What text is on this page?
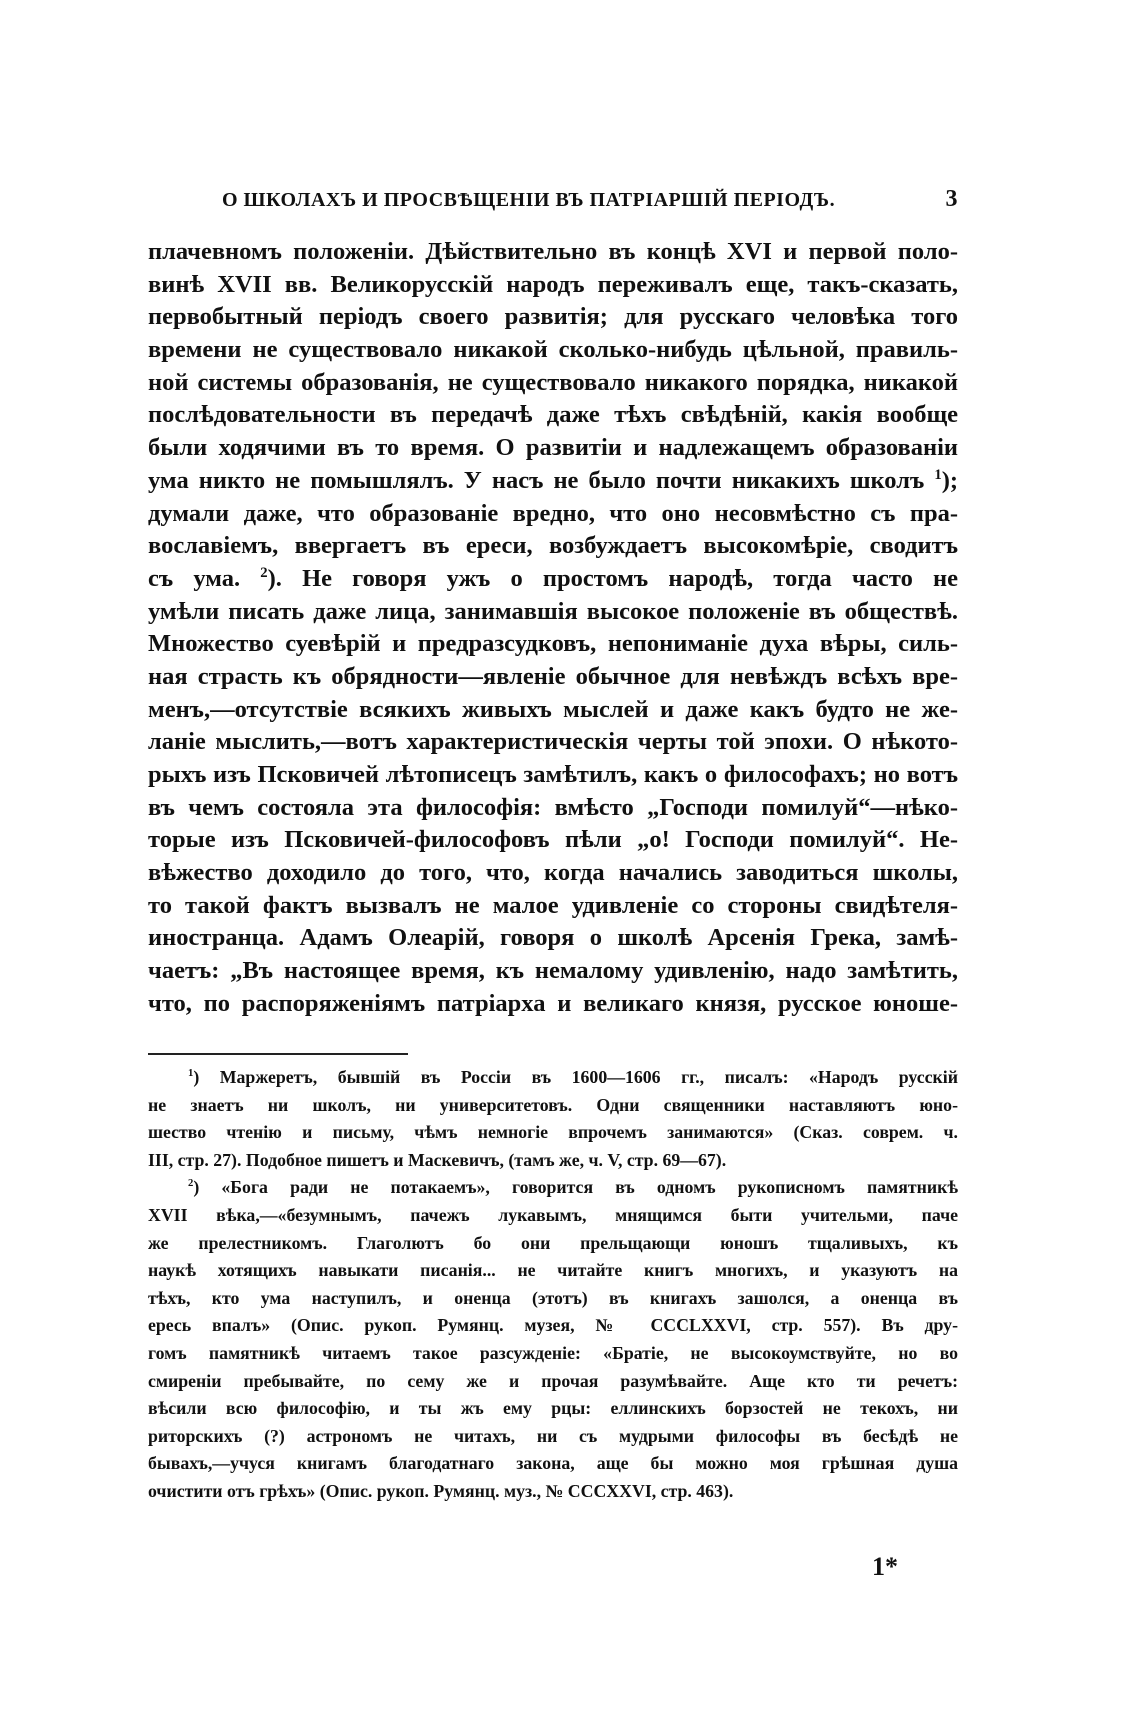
О ШКОЛАХЪ И ПРОСВѢЩЕНІИ ВЪ ПАТРІАРШІЙ ПЕРІОДЪ.	3
плачевномъ положеніи. Дѣйствительно въ концѣ XVI и первой поло-
винѣ XVII вв. Великорусскій народъ переживалъ еще, такъ-сказать,
первобытный періодъ своего развитія; для русскаго человѣка того
времени не существовало никакой сколько-нибудь цѣльной, правиль-
ной системы образованія, не существовало никакого порядка, никакой
послѣдовательности въ передачѣ даже тѣхъ свѣдѣній, какія вообще
были ходячими въ то время. О развитіи и надлежащемъ образованіи
ума никто не помышлялъ. У насъ не было почти никакихъ школъ $^1$);
думали даже, что образованіе вредно, что оно несовмѣстно съ пра-
вославіемъ, ввергаетъ въ ереси, возбуждаетъ высокомѣріе, сводитъ
съ ума. $^2$). Не говоря ужъ о простомъ народѣ, тогда часто не
умѣли писать даже лица, занимавшія высокое положеніе въ обществѣ.
Множество суевѣрій и предразсудковъ, непониманіе духа вѣры, силь-
ная страсть къ обрядности—явленіе обычное для невѣждъ всѣхъ вре-
менъ,—отсутствіе всякихъ живыхъ мыслей и даже какъ будто не же-
ланіе мыслить,—вотъ характеристическія черты той эпохи. О нѣкото-
рыхъ изъ Псковичей лѣтописецъ замѣтилъ, какъ о философахъ; но вотъ
въ чемъ состояла эта философія: вмѣсто „Господи помилуй“—нѣко-
торые изъ Псковичей-философовъ пѣли „о! Господи помилуй“. Не-
вѣжество доходило до того, что, когда начались заводиться школы,
то такой фактъ вызвалъ не малое удивленіе со стороны свидѣтеля-
иностранца. Адамъ Олеарій, говоря о школѣ Арсенія Грека, замѣ-
чаетъ: „Въ настоящее время, къ немалому удивленію, надо замѣтить,
что, по распоряженіямъ патріарха и великаго князя, русское юноше-
$^1$) Маржеретъ, бывшій въ Россіи въ 1600—1606 гг., писалъ: «Народъ русскій
не знаетъ ни школъ, ни университетовъ. Одни священники наставляютъ юно-
шество чтенію и письму, чѣмъ немногіе впрочемъ занимаются» (Сказ. соврем. ч.
III, стр. 27). Подобное пишетъ и Маскевичъ, (тамъ же, ч. V, стр. 69—67).
$^2$) «Бога ради не потакаемъ», говорится въ одномъ рукописномъ памятникѣ
XVII вѣка,—«безумнымъ, пачежъ лукавымъ, мнящимся быти учительми, паче
же прелестникомъ. Глаголютъ бо они прельщающи юношъ тщаливыхъ, къ
наукѣ хотящихъ навыкати писанія... не читайте книгъ многихъ, и указуютъ на
тѣхъ, кто ума наступилъ, и оненца (этотъ) въ книгахъ зашолся, а оненца въ
ересь впалъ» (Опис. рукоп. Румянц. музея, № CCCLXXVI, стр. 557). Въ дру-
гомъ памятникѣ читаемъ такое разсужденіе: «Братіе, не высокоумствуйте, но во
смиреніи пребывайте, по сему же и прочая разумѣвайте. Аще кто ти речетъ:
вѣсили всю философію, и ты жъ ему рцы: еллинскихъ борзостей не текохъ, ни
риторскихъ (?) астрономъ не читахъ, ни съ мудрыми философы въ бесѣдѣ не
бывахъ,—учуся книгамъ благодатнаго закона, аще бы можно моя грѣшная душа
очистити отъ грѣхъ» (Опис. рукоп. Румянц. муз., № CCCXXVI, стр. 463).
1*
